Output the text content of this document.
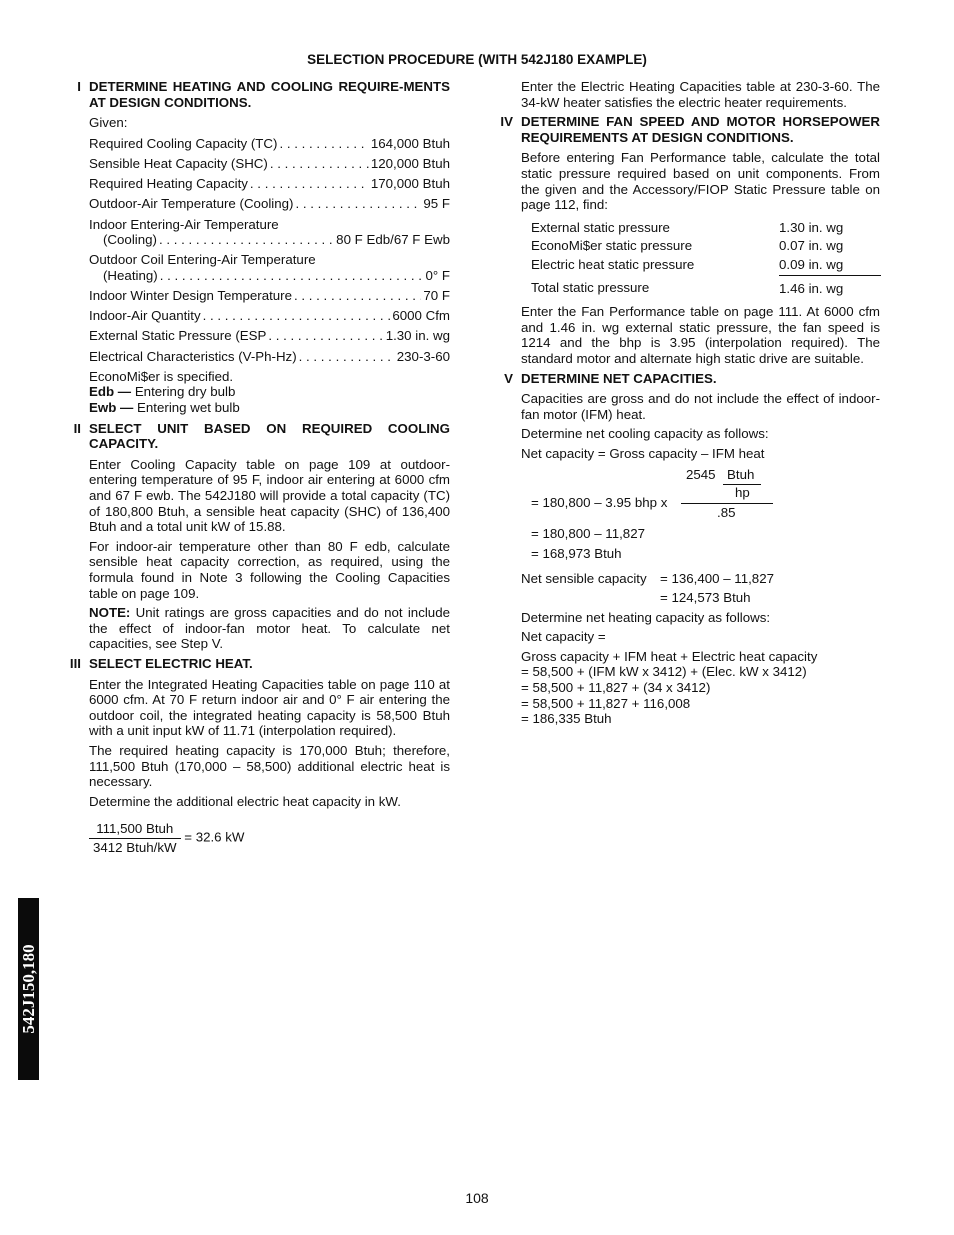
SELECTION PROCEDURE (WITH 542J180 EXAMPLE)
I DETERMINE HEATING AND COOLING REQUIRE-MENTS AT DESIGN CONDITIONS.
Given:
Required Cooling Capacity (TC) . . .	164,000 Btuh
Sensible Heat Capacity (SHC) . . .	120,000 Btuh
Required Heating Capacity . . .	170,000 Btuh
Outdoor-Air Temperature (Cooling) . . .	95 F
Indoor Entering-Air Temperature
(Cooling) . . .	80 F Edb/67 F Ewb
Outdoor Coil Entering-Air Temperature
(Heating) . . .	0° F
Indoor Winter Design Temperature . . .	70 F
Indoor-Air Quantity . . .	6000 Cfm
External Static Pressure (ESP . . .	1.30 in. wg
Electrical Characteristics (V-Ph-Hz) . . .	230-3-60
EconoMi$er is specified.
Edb — Entering dry bulb
Ewb — Entering wet bulb
II SELECT UNIT BASED ON REQUIRED COOLING CAPACITY.

Enter Cooling Capacity table on page 109 at outdoor-entering temperature of 95 F, indoor air entering at 6000 cfm and 67 F ewb. The 542J180 will provide a total capacity (TC) of 180,800 Btuh, a sensible heat capacity (SHC) of 136,400 Btuh and a total unit kW of 15.88.

For indoor-air temperature other than 80 F edb, calculate sensible heat capacity correction, as required, using the formula found in Note 3 following the Cooling Capacities table on page 109.

NOTE: Unit ratings are gross capacities and do not include the effect of indoor-fan motor heat. To calculate net capacities, see Step V.

III SELECT ELECTRIC HEAT.

Enter the Integrated Heating Capacities table on page 110 at 6000 cfm. At 70 F return indoor air and 0° F air entering the outdoor coil, the integrated heating capacity is 58,500 Btuh with a unit input kW of 11.71 (interpolation required).

The required heating capacity is 170,000 Btuh; therefore, 111,500 Btuh (170,000 – 58,500) additional electric heat is necessary.

Determine the additional electric heat capacity in kW.

$\frac{\text{111,500 Btuh}}{\text{3412 Btuh/kW}} = 32.6$ kW

Enter the Electric Heating Capacities table at 230-3-60. The 34-kW heater satisfies the electric heater requirements.

IV DETERMINE FAN SPEED AND MOTOR HORSEPOWER REQUIREMENTS AT DESIGN CONDITIONS.

Before entering Fan Performance table, calculate the total static pressure required based on unit components. From the given and the Accessory/FIOP Static Pressure table on page 112, find:

External static pressure	1.30 in. wg
EconoMi$er static pressure	0.07 in. wg
Electric heat static pressure	0.09 in. wg
Total static pressure	1.46 in. wg

Enter the Fan Performance table on page 111. At 6000 cfm and 1.46 in. wg external static pressure, the fan speed is 1214 and the bhp is 3.95 (interpolation required). The standard motor and alternate high static drive are suitable.

V DETERMINE NET CAPACITIES.

Capacities are gross and do not include the effect of indoor-fan motor (IFM) heat.

Determine net cooling capacity as follows:

Net capacity = Gross capacity – IFM heat

2545 Btuh
hp
= 180,800 – 3.95 bhp x
.85
= 180,800 – 11,827
= 168,973 Btuh
Net sensible capacity = 136,400 – 11,827
= 124,573 Btuh

Determine net heating capacity as follows:

Net capacity =

Gross capacity + IFM heat + Electric heat capacity
= 58,500 + (IFM kW x 3412) + (Elec. kW x 3412)
= 58,500 + 11,827 + (34 x 3412)
= 58,500 + 11,827 + 116,008
= 186,335 Btuh
542J150,180
108
